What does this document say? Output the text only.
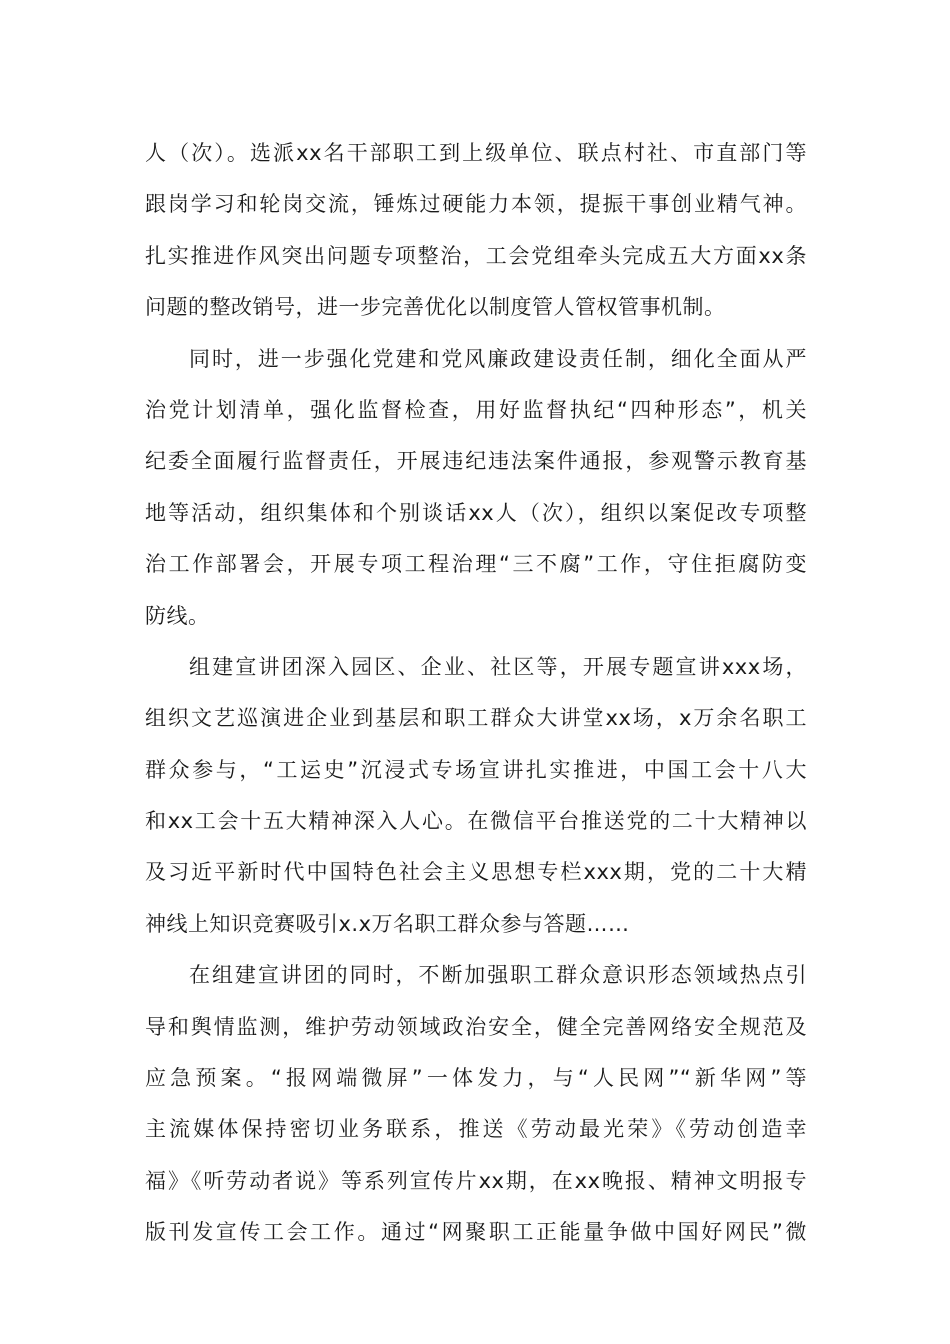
人（次）。选派xx名干部职工到上级单位、联点村社、市直部门等
跟岗学习和轮岗交流，锤炼过硬能力本领，提振干事创业精气神。
扎实推进作风突出问题专项整治，工会党组牵头完成五大方面xx条
问题的整改销号，进一步完善优化以制度管人管权管事机制。
同时，进一步强化党建和党风廉政建设责任制，细化全面从严
治党计划清单，强化监督检查，用好监督执纪“四种形态”，机关
纪委全面履行监督责任，开展违纪违法案件通报，参观警示教育基
地等活动，组织集体和个别谈话xx人（次），组织以案促改专项整
治工作部署会，开展专项工程治理“三不腐”工作，守住拒腐防变
防线。
组建宣讲团深入园区、企业、社区等，开展专题宣讲xxx场，
组织文艺巡演进企业到基层和职工群众大讲堂xx场，x万余名职工
群众参与，“工运史”沉浸式专场宣讲扎实推进，中国工会十八大
和xx工会十五大精神深入人心。在微信平台推送党的二十大精神以
及习近平新时代中国特色社会主义思想专栏xxx期，党的二十大精
神线上知识竞赛吸引x.x万名职工群众参与答题……
在组建宣讲团的同时，不断加强职工群众意识形态领域热点引
导和舆情监测，维护劳动领域政治安全，健全完善网络安全规范及
应急预案。“报网端微屏”一体发力，与“人民网”“新华网”等
主流媒体保持密切业务联系，推送《劳动最光荣》《劳动创造幸
福》《听劳动者说》等系列宣传片xx期，在xx晚报、精神文明报专
版刊发宣传工会工作。通过“网聚职工正能量争做中国好网民”微
